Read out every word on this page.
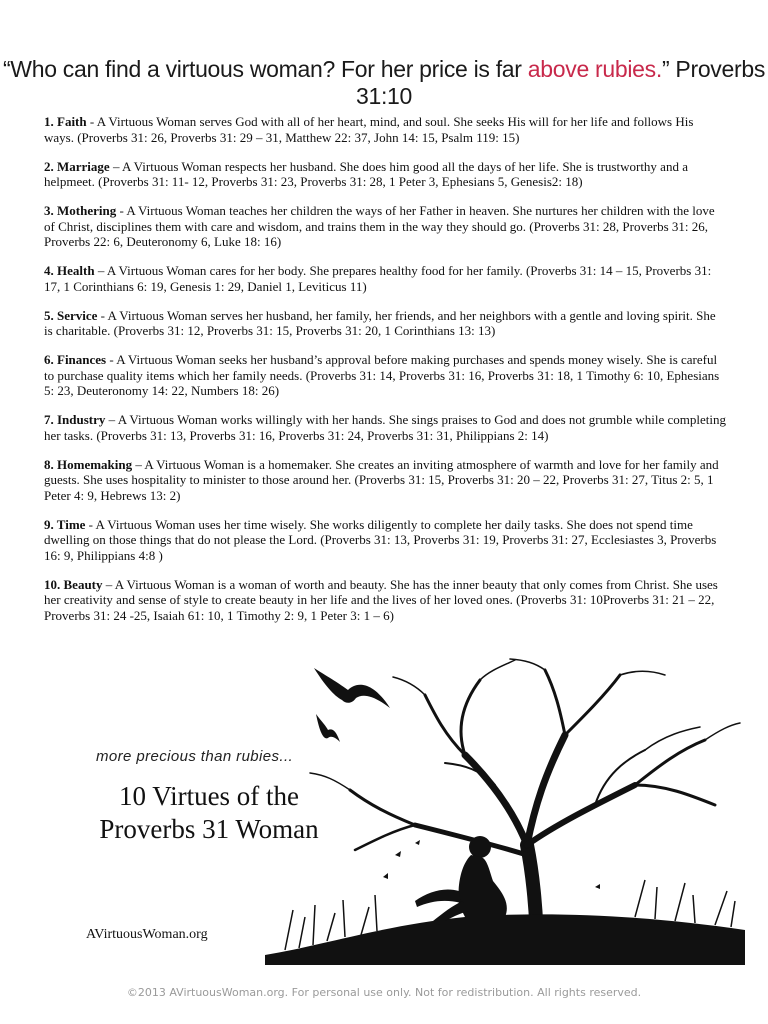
“Who can find a virtuous woman? For her price is far above rubies.” Proverbs 31:10

1. Faith - A Virtuous Woman serves God with all of her heart, mind, and soul. She seeks His will for her life and follows His ways. (Proverbs 31: 26, Proverbs 31: 29 – 31, Matthew 22: 37, John 14: 15, Psalm 119: 15)

2. Marriage – A Virtuous Woman respects her husband. She does him good all the days of her life. She is trustworthy and a helpmeet. (Proverbs 31: 11- 12, Proverbs 31: 23, Proverbs 31: 28, 1 Peter 3, Ephesians 5, Genesis2: 18)

3. Mothering - A Virtuous Woman teaches her children the ways of her Father in heaven. She nurtures her children with the love of Christ, disciplines them with care and wisdom, and trains them in the way they should go. (Proverbs 31: 28, Proverbs 31: 26, Proverbs 22: 6, Deuteronomy 6, Luke 18: 16)

4. Health – A Virtuous Woman cares for her body. She prepares healthy food for her family. (Proverbs 31: 14 – 15, Proverbs 31: 17, 1 Corinthians 6: 19, Genesis 1: 29, Daniel 1, Leviticus 11)

5. Service - A Virtuous Woman serves her husband, her family, her friends, and her neighbors with a gentle and loving spirit. She is charitable. (Proverbs 31: 12, Proverbs 31: 15, Proverbs 31: 20, 1 Corinthians 13: 13)

6. Finances - A Virtuous Woman seeks her husband’s approval before making purchases and spends money wisely. She is careful to purchase quality items which her family needs. (Proverbs 31: 14, Proverbs 31: 16, Proverbs 31: 18, 1 Timothy 6: 10, Ephesians 5: 23, Deuteronomy 14: 22, Numbers 18: 26)

7. Industry – A Virtuous Woman works willingly with her hands. She sings praises to God and does not grumble while completing her tasks. (Proverbs 31: 13, Proverbs 31: 16, Proverbs 31: 24, Proverbs 31: 31, Philippians 2: 14)

8. Homemaking – A Virtuous Woman is a homemaker. She creates an inviting atmosphere of warmth and love for her family and guests. She uses hospitality to minister to those around her. (Proverbs 31: 15, Proverbs 31: 20 – 22, Proverbs 31: 27, Titus 2: 5, 1 Peter 4: 9, Hebrews 13: 2)

9. Time - A Virtuous Woman uses her time wisely. She works diligently to complete her daily tasks. She does not spend time dwelling on those things that do not please the Lord. (Proverbs 31: 13, Proverbs 31: 19, Proverbs 31: 27, Ecclesiastes 3, Proverbs 16: 9, Philippians 4:8 )

10. Beauty – A Virtuous Woman is a woman of worth and beauty. She has the inner beauty that only comes from Christ. She uses her creativity and sense of style to create beauty in her life and the lives of her loved ones. (Proverbs 31: 10Proverbs 31: 21 – 22, Proverbs 31: 24 -25, Isaiah 61: 10, 1 Timothy 2: 9, 1 Peter 3: 1 – 6)

more precious than rubies...
10 Virtues of the
Proverbs 31 Woman
AVirtuousWoman.org
©2013 AVirtuousWoman.org. For personal use only. Not for redistribution. All rights reserved.
